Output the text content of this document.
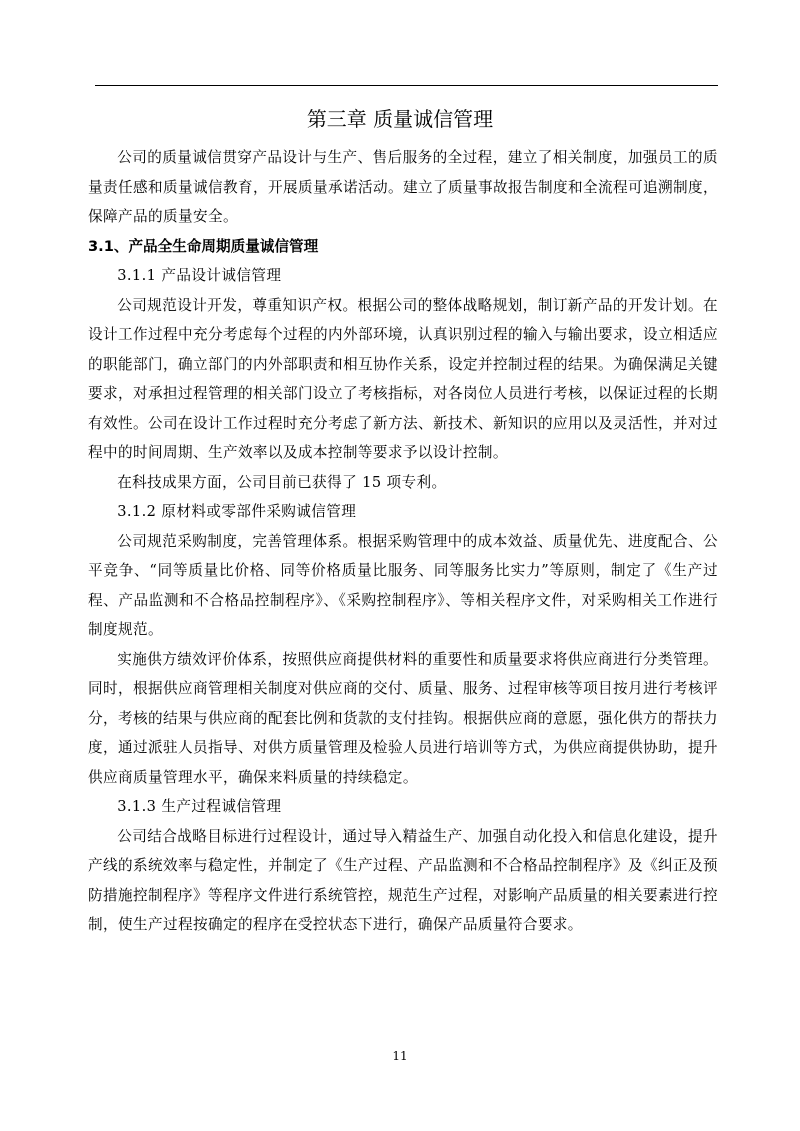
第三章 质量诚信管理

公司的质量诚信贯穿产品设计与生产、售后服务的全过程，建立了相关制度，加强员工的质量责任感和质量诚信教育，开展质量承诺活动。建立了质量事故报告制度和全流程可追溯制度，保障产品的质量安全。

3.1、产品全生命周期质量诚信管理

3.1.1 产品设计诚信管理

公司规范设计开发，尊重知识产权。根据公司的整体战略规划，制订新产品的开发计划。在设计工作过程中充分考虑每个过程的内外部环境，认真识别过程的输入与输出要求，设立相适应的职能部门，确立部门的内外部职责和相互协作关系，设定并控制过程的结果。为确保满足关键要求，对承担过程管理的相关部门设立了考核指标，对各岗位人员进行考核，以保证过程的长期有效性。公司在设计工作过程时充分考虑了新方法、新技术、新知识的应用以及灵活性，并对过程中的时间周期、生产效率以及成本控制等要求予以设计控制。

在科技成果方面，公司目前已获得了 15 项专利。

3.1.2 原材料或零部件采购诚信管理

公司规范采购制度，完善管理体系。根据采购管理中的成本效益、质量优先、进度配合、公平竞争、“同等质量比价格、同等价格质量比服务、同等服务比实力”等原则，制定了《生产过程、产品监测和不合格品控制程序》、《采购控制程序》、等相关程序文件，对采购相关工作进行制度规范。

实施供方绩效评价体系，按照供应商提供材料的重要性和质量要求将供应商进行分类管理。同时，根据供应商管理相关制度对供应商的交付、质量、服务、过程审核等项目按月进行考核评分，考核的结果与供应商的配套比例和货款的支付挂钩。根据供应商的意愿，强化供方的帮扶力度，通过派驻人员指导、对供方质量管理及检验人员进行培训等方式，为供应商提供协助，提升供应商质量管理水平，确保来料质量的持续稳定。

3.1.3 生产过程诚信管理

公司结合战略目标进行过程设计，通过导入精益生产、加强自动化投入和信息化建设，提升产线的系统效率与稳定性，并制定了《生产过程、产品监测和不合格品控制程序》及《纠正及预防措施控制程序》等程序文件进行系统管控，规范生产过程，对影响产品质量的相关要素进行控制，使生产过程按确定的程序在受控状态下进行，确保产品质量符合要求。

11
